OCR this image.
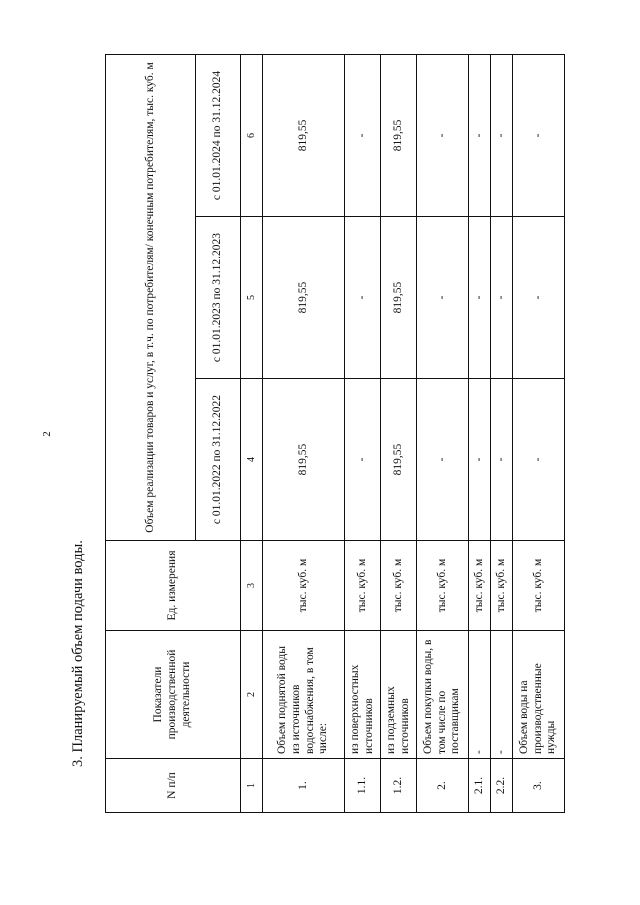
2
3. Планируемый объем подачи воды.
N п/п	Показатели производственной деятельности	Ед. измерения	Объем реализации товаров и услуг, в т.ч. по потребителям/ конечным потребителям, тыс. куб. м		
			с 01.01.2022 по 31.12.2022	с 01.01.2023 по 31.12.2023	с 01.01.2024 по 31.12.2024
1	2	3	4	5	6
1.	Объем поднятой воды из источников водоснабжения, в том числе:	тыс. куб. м	819,55	819,55	819,55
1.1.	из поверхностных источников	тыс. куб. м	-	-	-
1.2.	из подземных источников	тыс. куб. м	819,55	819,55	819,55
2.	Объем покупки воды, в том числе по поставщикам	тыс. куб. м	-	-	-
2.1.	-	тыс. куб. м	-	-	-
2.2.	-	тыс. куб. м	-	-	-
3.	Объем воды на производственные нужды	тыс. куб. м	-	-	-
